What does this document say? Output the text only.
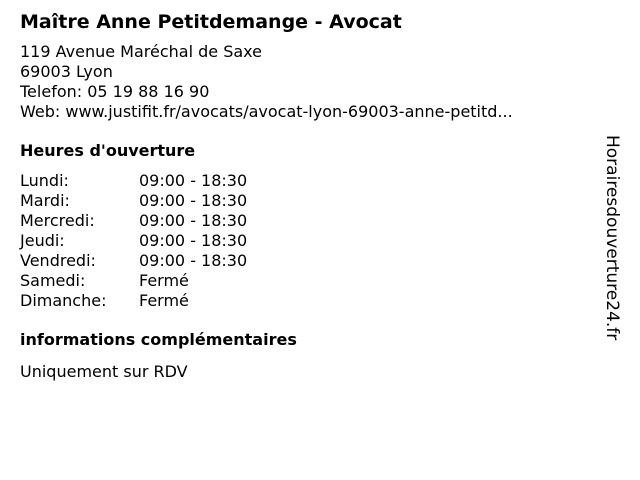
Maître Anne Petitdemange - Avocat
119 Avenue Maréchal de Saxe
69003 Lyon
Telefon: 05 19 88 16 90
Web: www.justifit.fr/avocats/avocat-lyon-69003-anne-petitd...
Heures d'ouverture
Lundi:	09:00 - 18:30
Mardi:	09:00 - 18:30
Mercredi:	09:00 - 18:30
Jeudi:	09:00 - 18:30
Vendredi:	09:00 - 18:30
Samedi:	Fermé
Dimanche:	Fermé
informations complémentaires
Uniquement sur RDV
Horairesdouverture24.fr
